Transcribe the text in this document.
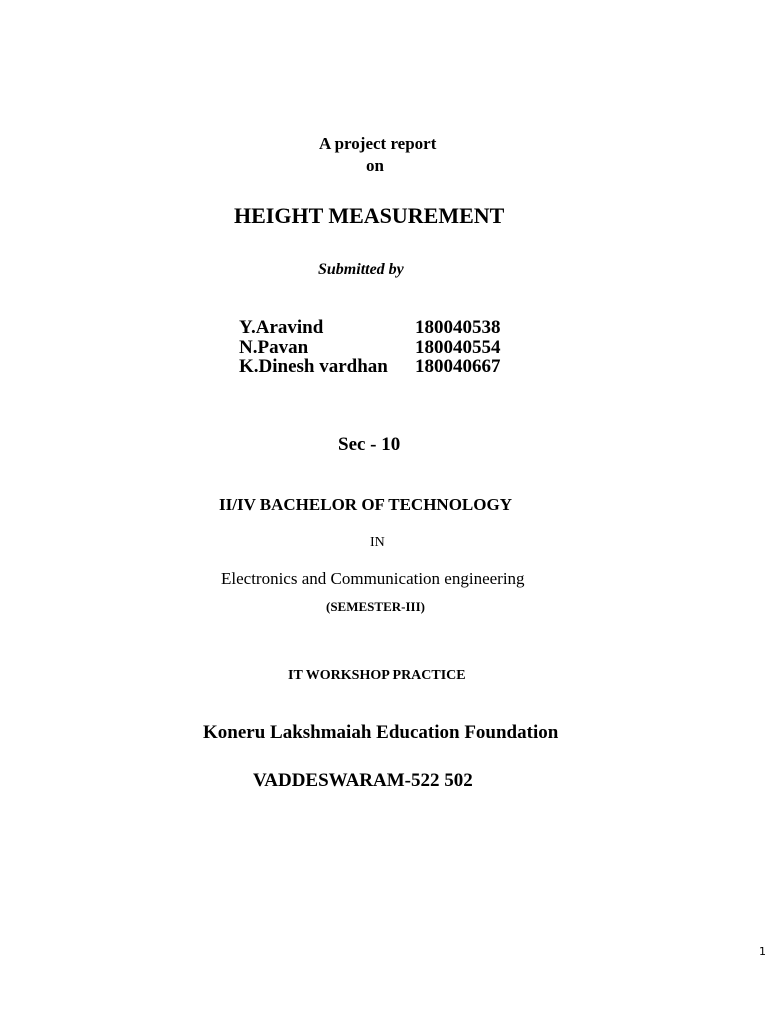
A project report

on

HEIGHT MEASUREMENT

Submitted by

Y.Aravind	180040538
N.Pavan	180040554
K.Dinesh vardhan	180040667

Sec - 10

II/IV BACHELOR OF TECHNOLOGY

IN

Electronics and Communication engineering

(SEMESTER-III)

IT WORKSHOP PRACTICE

Koneru Lakshmaiah Education Foundation

VADDESWARAM-522 502

1
